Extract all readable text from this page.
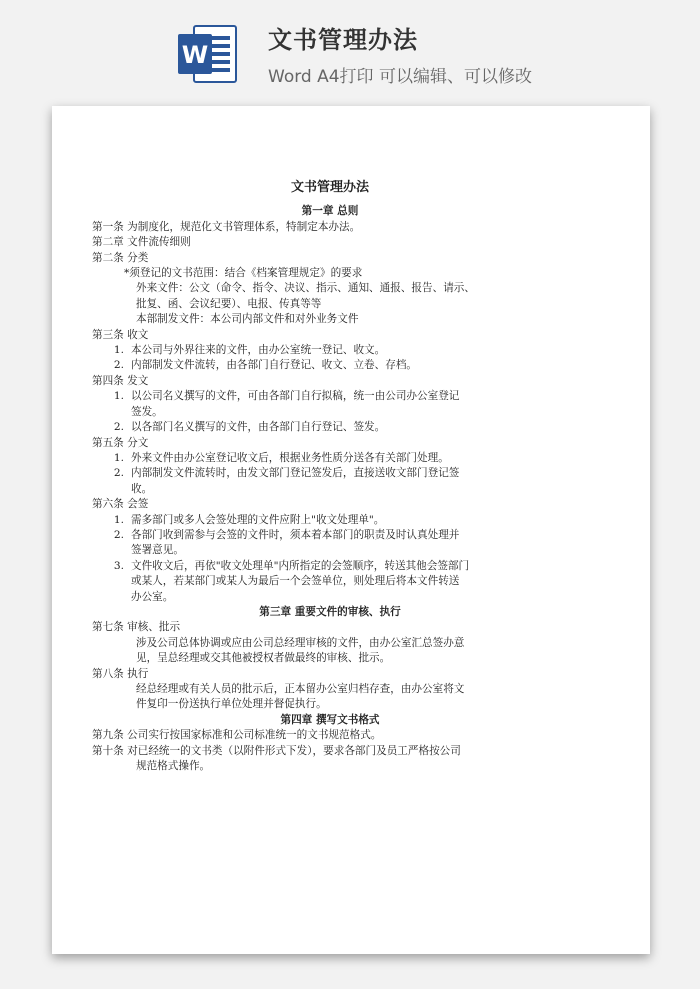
W
文书管理办法
Word A4打印 可以编辑、可以修改
文书管理办法
第一章 总则
第一条 为制度化，规范化文书管理体系，特制定本办法。
第二章 文件流传细则
第二条 分类
*须登记的文书范围：结合《档案管理规定》的要求
外来文件：公文（命令、指令、决议、指示、通知、通报、报告、请示、
批复、函、会议纪要）、电报、传真等等
本部制发文件：本公司内部文件和对外业务文件
第三条 收文
1. 本公司与外界往来的文件，由办公室统一登记、收文。
2. 内部制发文件流转，由各部门自行登记、收文、立卷、存档。
第四条 发文
1. 以公司名义撰写的文件，可由各部门自行拟稿，统一由公司办公室登记
签发。
2. 以各部门名义撰写的文件，由各部门自行登记、签发。
第五条 分文
1. 外来文件由办公室登记收文后，根据业务性质分送各有关部门处理。
2. 内部制发文件流转时，由发文部门登记签发后，直接送收文部门登记签
收。
第六条 会签
1. 需多部门或多人会签处理的文件应附上"收文处理单"。
2. 各部门收到需参与会签的文件时，须本着本部门的职责及时认真处理并
签署意见。
3. 文件收文后，再依"收文处理单"内所指定的会签顺序，转送其他会签部门
或某人，若某部门或某人为最后一个会签单位，则处理后将本文件转送
办公室。
第三章 重要文件的审核、执行
第七条 审核、批示
涉及公司总体协调或应由公司总经理审核的文件，由办公室汇总签办意
见，呈总经理或交其他被授权者做最终的审核、批示。
第八条 执行
经总经理或有关人员的批示后，正本留办公室归档存查，由办公室将文
件复印一份送执行单位处理并督促执行。
第四章 撰写文书格式
第九条 公司实行按国家标准和公司标准统一的文书规范格式。
第十条 对已经统一的文书类（以附件形式下发），要求各部门及员工严格按公司
规范格式操作。
